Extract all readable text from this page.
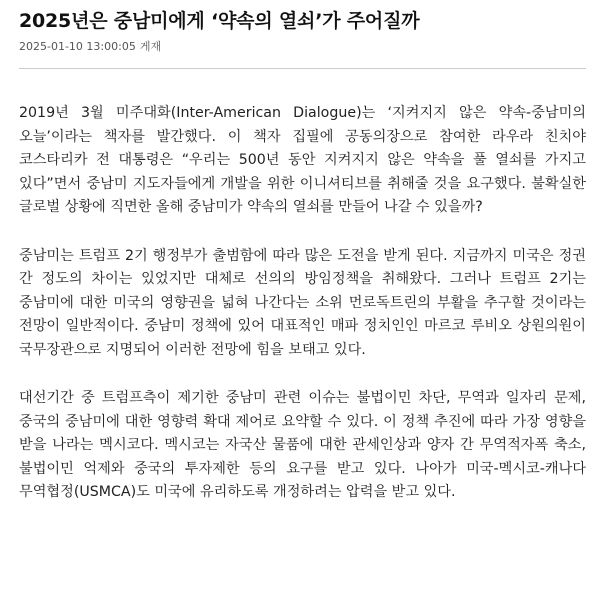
2025년은 중남미에게 ‘약속의 열쇠’가 주어질까
2025-01-10 13:00:05 게재

2019년 3월 미주대화(Inter-American Dialogue)는 ‘지켜지지 않은 약속-중남미의 오늘’이라는 책자를 발간했다. 이 책자 집필에 공동의장으로 참여한 라우라 친치야 코스타리카 전 대통령은 “우리는 500년 동안 지켜지지 않은 약속을 풀 열쇠를 가지고 있다”면서 중남미 지도자들에게 개발을 위한 이니셔티브를 취해줄 것을 요구했다. 불확실한 글로벌 상황에 직면한 올해 중남미가 약속의 열쇠를 만들어 나갈 수 있을까?

중남미는 트럼프 2기 행정부가 출범함에 따라 많은 도전을 받게 된다. 지금까지 미국은 정권 간 정도의 차이는 있었지만 대체로 선의의 방임정책을 취해왔다. 그러나 트럼프 2기는 중남미에 대한 미국의 영향권을 넓혀 나간다는 소위 먼로독트린의 부활을 추구할 것이라는 전망이 일반적이다. 중남미 정책에 있어 대표적인 매파 정치인인 마르코 루비오 상원의원이 국무장관으로 지명되어 이러한 전망에 힘을 보태고 있다.

대선기간 중 트럼프측이 제기한 중남미 관련 이슈는 불법이민 차단, 무역과 일자리 문제, 중국의 중남미에 대한 영향력 확대 제어로 요약할 수 있다. 이 정책 추진에 따라 가장 영향을 받을 나라는 멕시코다. 멕시코는 자국산 물품에 대한 관세인상과 양자 간 무역적자폭 축소, 불법이민 억제와 중국의 투자제한 등의 요구를 받고 있다. 나아가 미국-멕시코-캐나다 무역협정(USMCA)도 미국에 유리하도록 개정하려는 압력을 받고 있다.
